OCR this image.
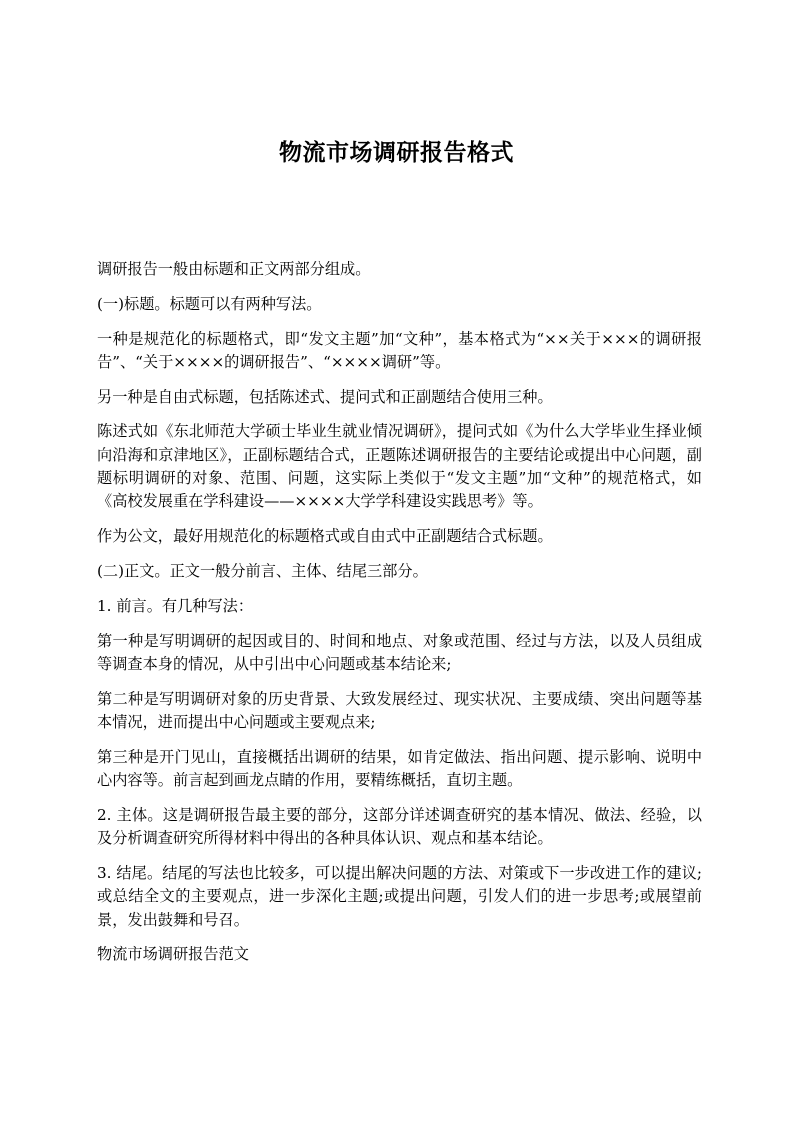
物流市场调研报告格式

调研报告一般由标题和正文两部分组成。

(一)标题。标题可以有两种写法。

一种是规范化的标题格式，即“发文主题”加“文种”，基本格式为“××关于×××的调研报告”、“关于××××的调研报告”、“××××调研”等。

另一种是自由式标题，包括陈述式、提问式和正副题结合使用三种。

陈述式如《东北师范大学硕士毕业生就业情况调研》，提问式如《为什么大学毕业生择业倾向沿海和京津地区》，正副标题结合式，正题陈述调研报告的主要结论或提出中心问题，副题标明调研的对象、范围、问题，这实际上类似于“发文主题”加“文种”的规范格式，如《高校发展重在学科建设——××××大学学科建设实践思考》等。

作为公文，最好用规范化的标题格式或自由式中正副题结合式标题。

(二)正文。正文一般分前言、主体、结尾三部分。

1. 前言。有几种写法：

第一种是写明调研的起因或目的、时间和地点、对象或范围、经过与方法，以及人员组成等调查本身的情况，从中引出中心问题或基本结论来;

第二种是写明调研对象的历史背景、大致发展经过、现实状况、主要成绩、突出问题等基本情况，进而提出中心问题或主要观点来;

第三种是开门见山，直接概括出调研的结果，如肯定做法、指出问题、提示影响、说明中心内容等。前言起到画龙点睛的作用，要精练概括，直切主题。

2. 主体。这是调研报告最主要的部分，这部分详述调查研究的基本情况、做法、经验，以及分析调查研究所得材料中得出的各种具体认识、观点和基本结论。

3. 结尾。结尾的写法也比较多，可以提出解决问题的方法、对策或下一步改进工作的建议;或总结全文的主要观点，进一步深化主题;或提出问题，引发人们的进一步思考;或展望前景，发出鼓舞和号召。

物流市场调研报告范文
